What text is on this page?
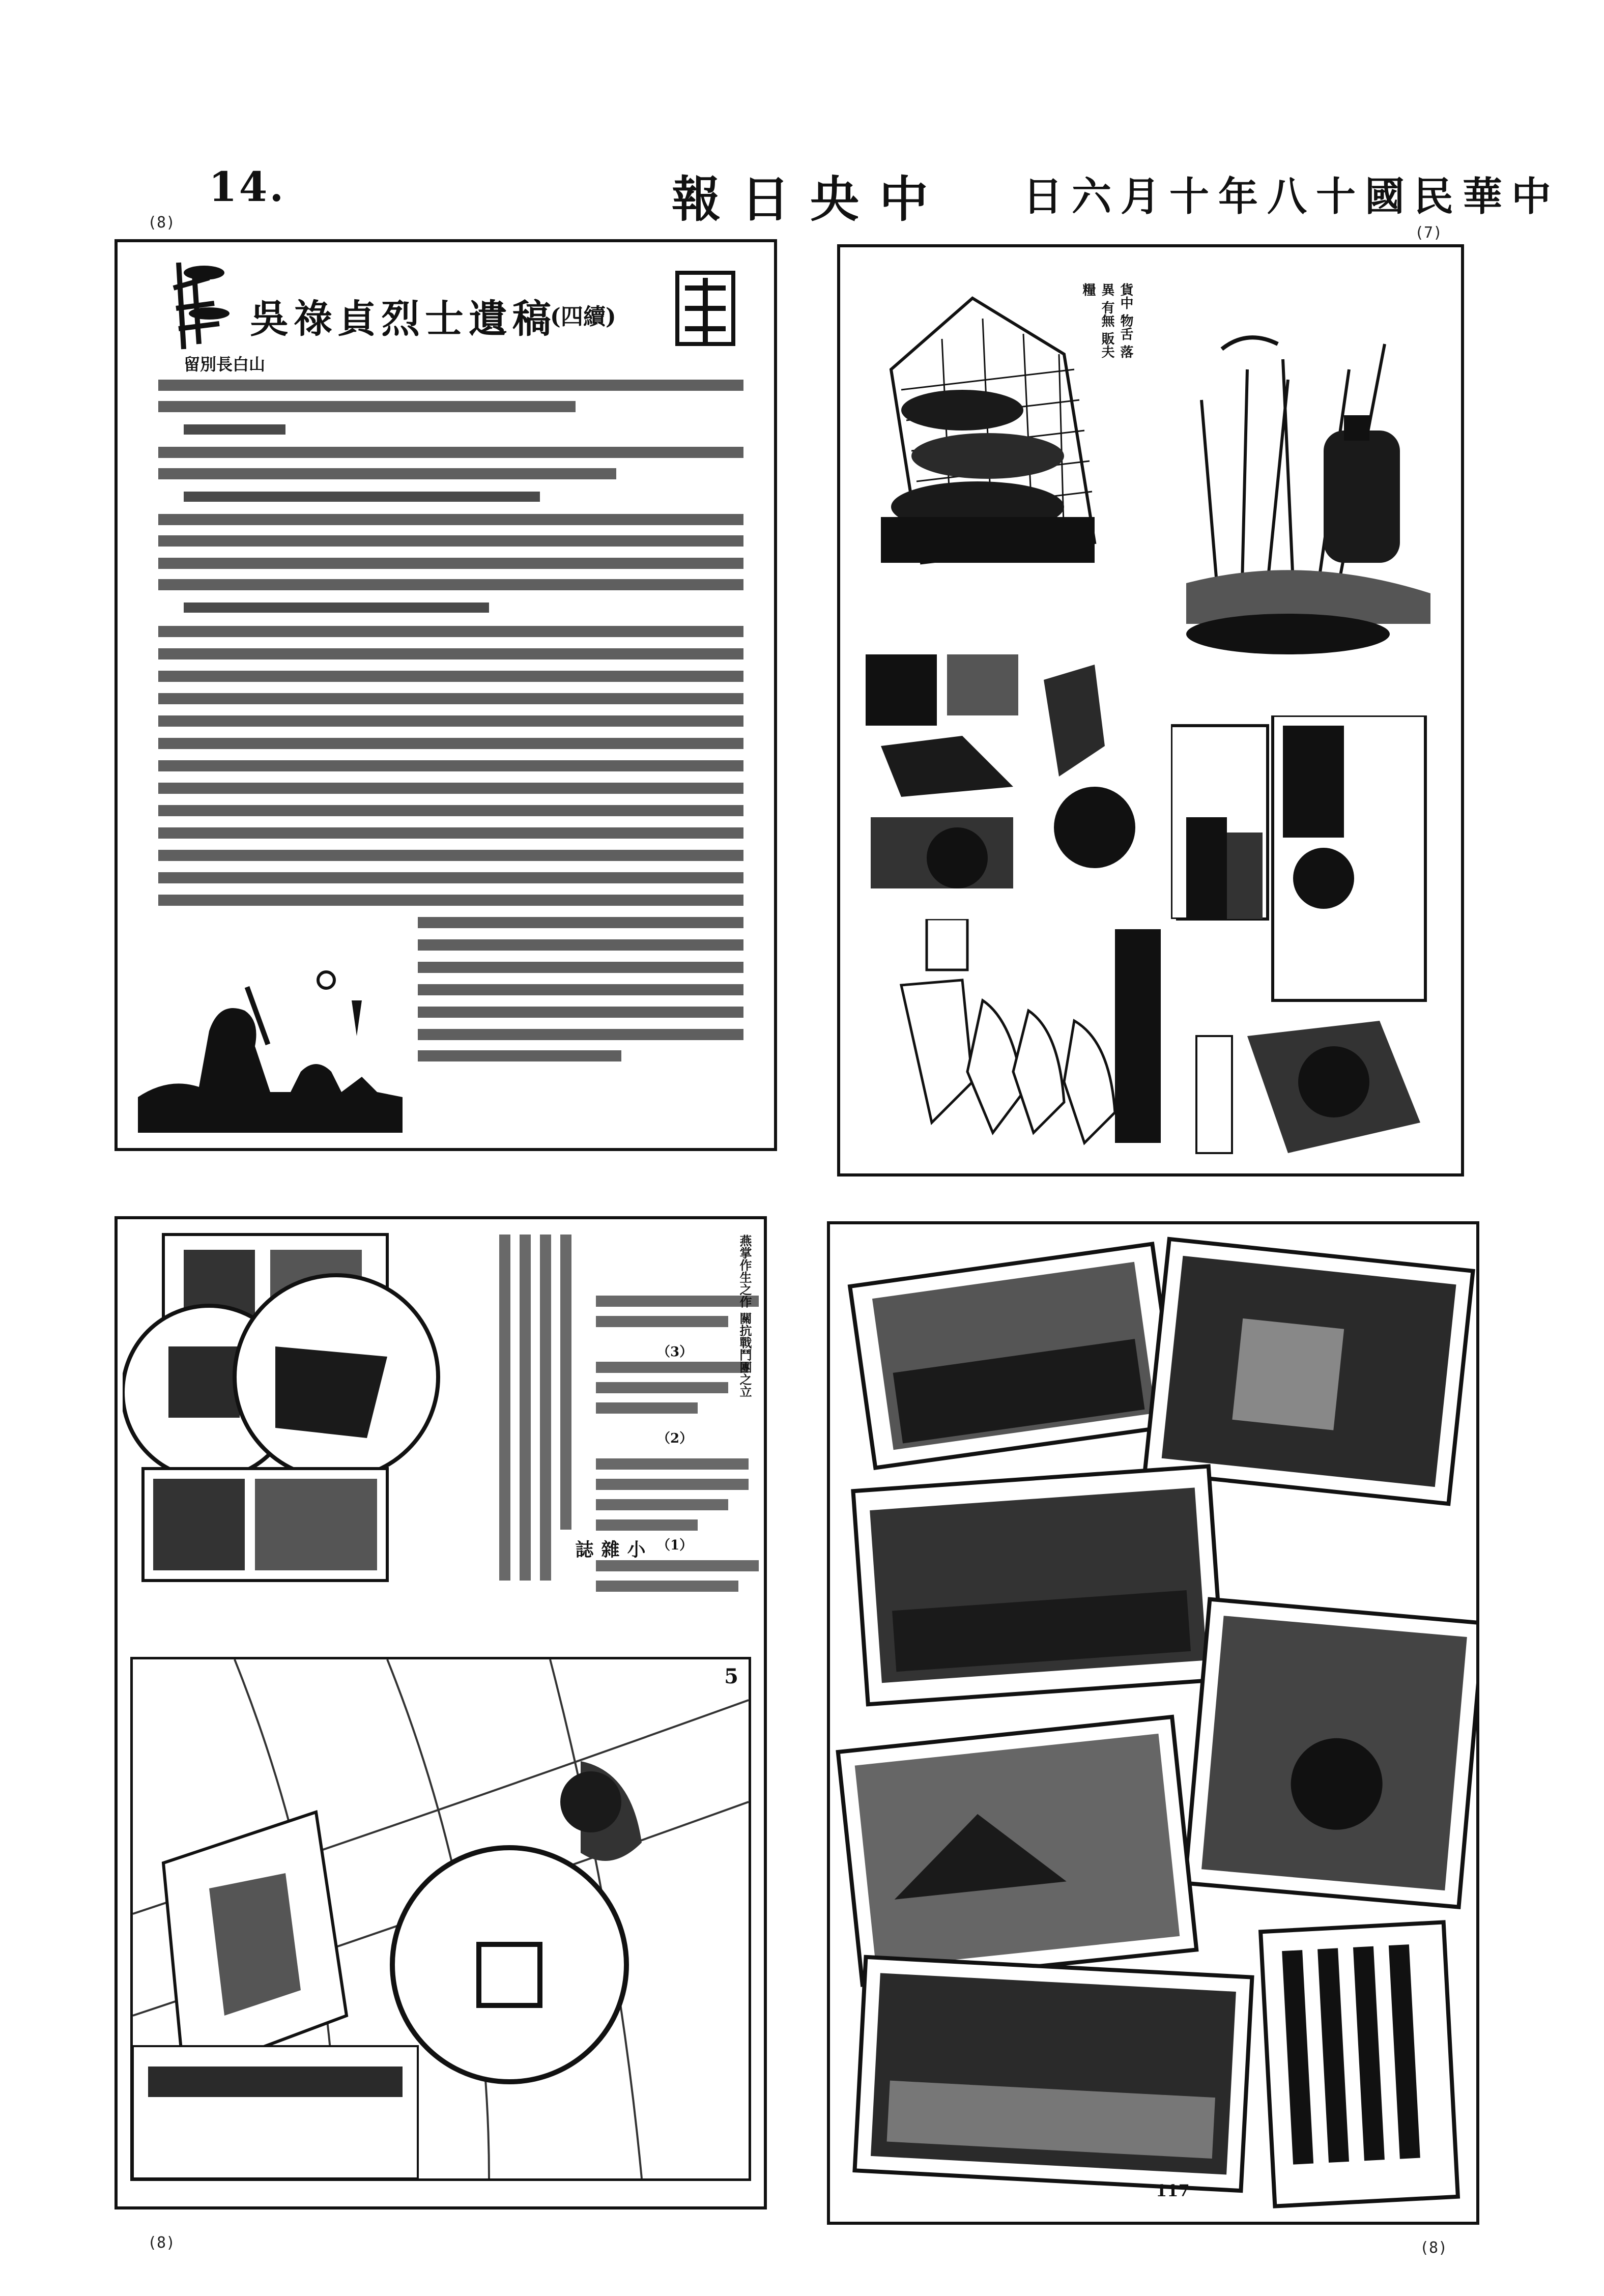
14.	報日央中 日六月十年八十國民華中
(8)
(7)
吳祿貞烈士遺稿
(四續)
留別長白山
貨中 物舌 落異 有無 販夫 糧
小 雜 誌
燕掌作生之作 關抗戰鬥團之立
（1）
（2）
（3）
5
117
(8)	(8)
